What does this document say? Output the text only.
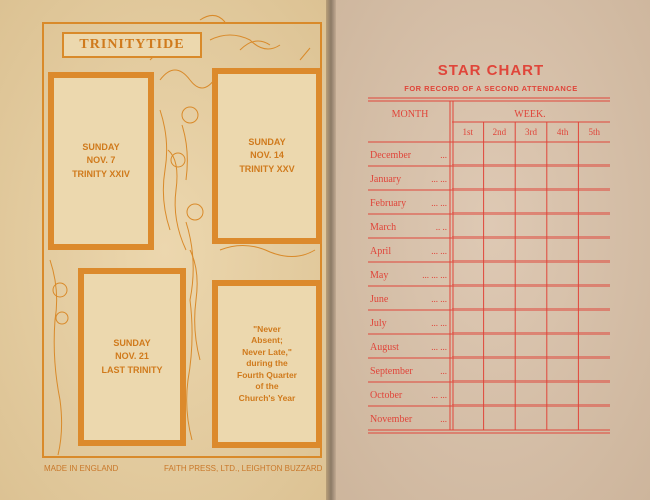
TRINITYTIDE
SUNDAY
NOV. 7
TRINITY XXIV
SUNDAY
NOV. 14
TRINITY XXV
SUNDAY
NOV. 21
LAST TRINITY
"Never
Absent;
Never Late,"
during the
Fourth Quarter
of the
Church's Year
MADE IN ENGLAND	FAITH PRESS, LTD., LEIGHTON BUZZARD
STAR CHART
FOR RECORD OF A SECOND ATTENDANCE
MONTH	WEEK.
1st 2nd 3rd 4th 5th
December	...
January	... ...
February	... ...
March	.. ..
April	... ...
May	... ... ...
June	... ...
July	... ...
August	... ...
September	...
October	... ...
November	...
